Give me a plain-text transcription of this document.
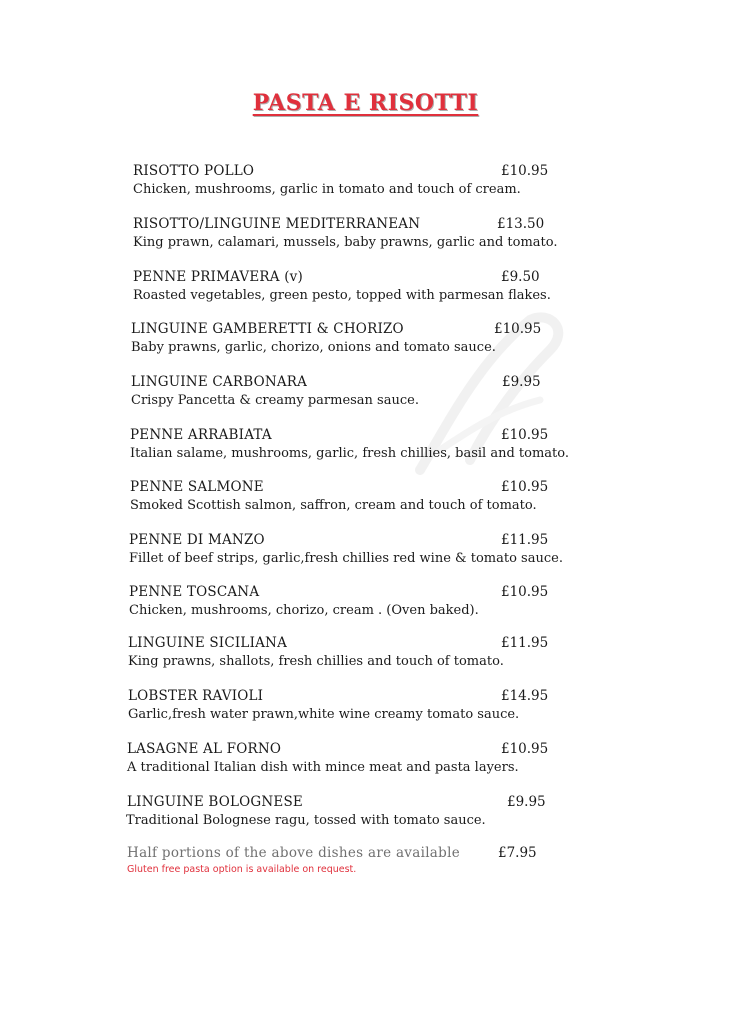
PASTA E RISOTTI
RISOTTO POLLO	£10.95
Chicken, mushrooms, garlic in tomato and touch of cream.
RISOTTO/LINGUINE MEDITERRANEAN	£13.50
King prawn, calamari, mussels, baby prawns, garlic and tomato.
PENNE PRIMAVERA (v)	£9.50
Roasted vegetables, green pesto, topped with parmesan flakes.
LINGUINE GAMBERETTI & CHORIZO	£10.95
Baby prawns, garlic, chorizo, onions and tomato sauce.
LINGUINE CARBONARA	£9.95
Crispy Pancetta & creamy parmesan sauce.
PENNE ARRABIATA	£10.95
Italian salame, mushrooms, garlic, fresh chillies, basil and tomato.
PENNE SALMONE	£10.95
Smoked Scottish salmon, saffron, cream and touch of tomato.
PENNE DI MANZO	£11.95
Fillet of beef strips, garlic,fresh chillies red wine & tomato sauce.
PENNE TOSCANA	£10.95
Chicken, mushrooms, chorizo, cream . (Oven baked).
LINGUINE SICILIANA	£11.95
King prawns, shallots, fresh chillies and touch of tomato.
LOBSTER RAVIOLI	£14.95
Garlic,fresh water prawn,white wine creamy tomato sauce.
LASAGNE AL FORNO	£10.95
A traditional Italian dish with mince meat and pasta layers.
LINGUINE BOLOGNESE	£9.95
Traditional Bolognese ragu, tossed with tomato sauce.
Half portions of the above dishes are available	£7.95
Gluten free pasta option is available on request.
